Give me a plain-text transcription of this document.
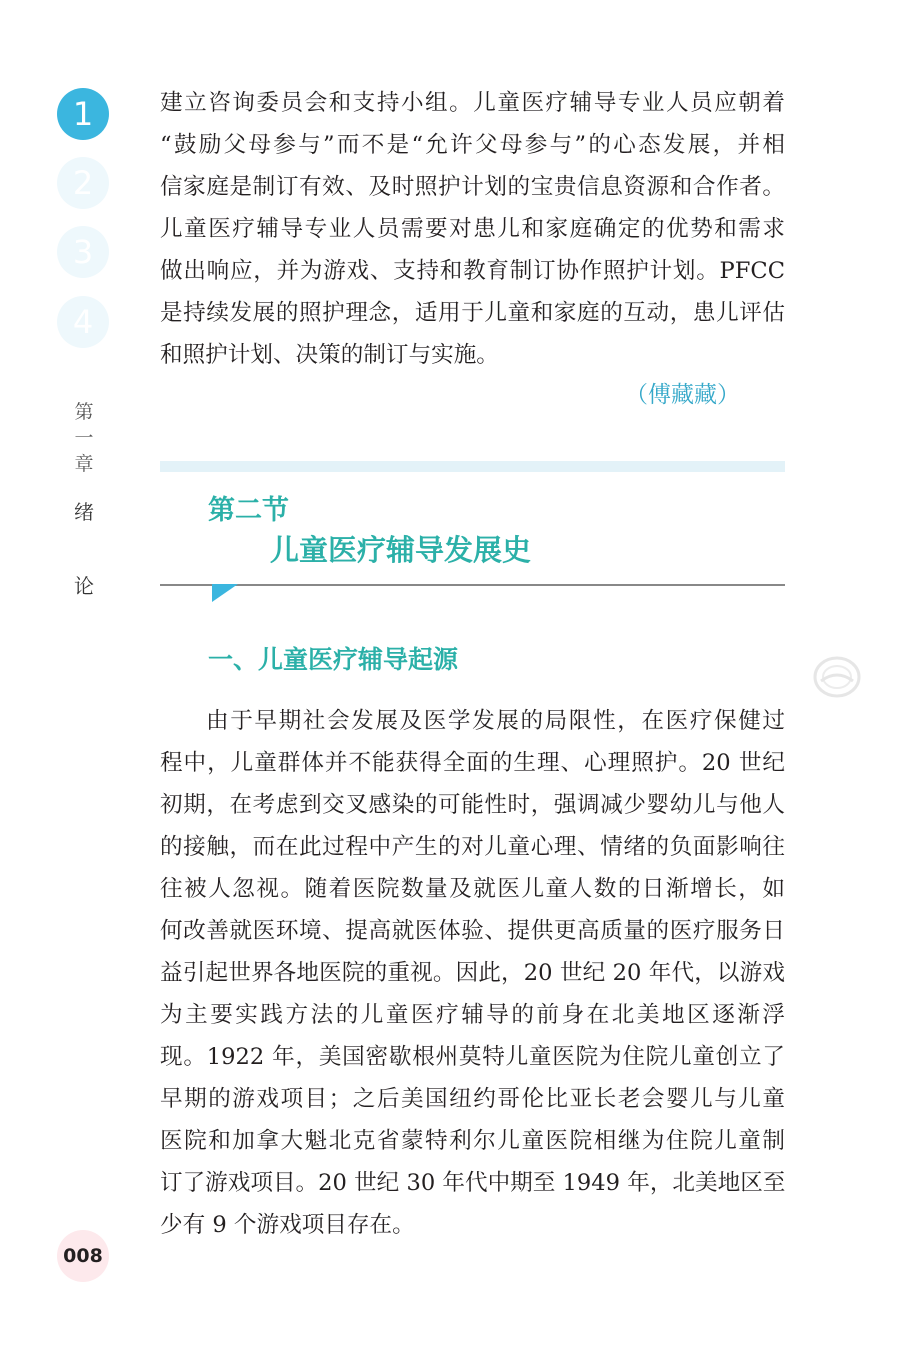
1
2
3
4
第
一
章
绪
论
建立咨询委员会和支持小组。儿童医疗辅导专业人员应朝着
“鼓励父母参与”而不是“允许父母参与”的心态发展，并相
信家庭是制订有效、及时照护计划的宝贵信息资源和合作者。
儿童医疗辅导专业人员需要对患儿和家庭确定的优势和需求
做出响应，并为游戏、支持和教育制订协作照护计划。PFCC
是持续发展的照护理念，适用于儿童和家庭的互动，患儿评估
和照护计划、决策的制订与实施。
（傅藏藏）
第二节
儿童医疗辅导发展史
一、儿童医疗辅导起源
由于早期社会发展及医学发展的局限性，在医疗保健过
程中，儿童群体并不能获得全面的生理、心理照护。20 世纪
初期，在考虑到交叉感染的可能性时，强调减少婴幼儿与他人
的接触，而在此过程中产生的对儿童心理、情绪的负面影响往
往被人忽视。随着医院数量及就医儿童人数的日渐增长，如
何改善就医环境、提高就医体验、提供更高质量的医疗服务日
益引起世界各地医院的重视。因此，20 世纪 20 年代，以游戏
为主要实践方法的儿童医疗辅导的前身在北美地区逐渐浮
现。1922 年，美国密歇根州莫特儿童医院为住院儿童创立了
早期的游戏项目；之后美国纽约哥伦比亚长老会婴儿与儿童
医院和加拿大魁北克省蒙特利尔儿童医院相继为住院儿童制
订了游戏项目。20 世纪 30 年代中期至 1949 年，北美地区至
少有 9 个游戏项目存在。
008
